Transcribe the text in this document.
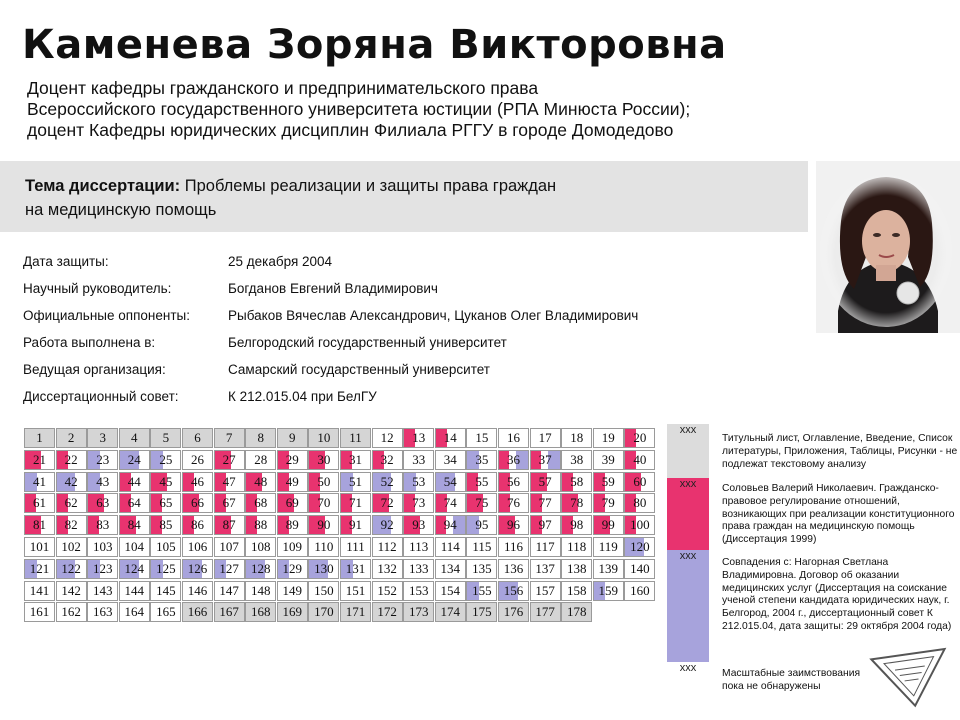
Каменева Зоряна Викторовна
Доцент кафедры гражданского и предпринимательского права
Всероссийского государственного университета юстиции (РПА Минюста России);
доцент Кафедры юридических дисциплин Филиала РГГУ в городе Домодедово
Тема диссертации: Проблемы реализации и защиты права граждан
на медицинскую помощь
Дата защиты:	25 декабря 2004
Научный руководитель:	Богданов Евгений Владимирович
Официальные оппоненты:	Рыбаков Вячеслав Александрович, Цуканов Олег Владимирович
Работа выполнена в:	Белгородский государственный университет
Ведущая организация:	Самарский государственный университет
Диссертационный совет:	К 212.015.04 при БелГУ
1	2	3	4	5	6	7	8	9	10	11	12	13	14	15	16	17	18	19	20
21	22	23	24	25	26	27	28	29	30	31	32	33	34	35	36	37	38	39	40
41	42	43	44	45	46	47	48	49	50	51	52	53	54	55	56	57	58	59	60
61	62	63	64	65	66	67	68	69	70	71	72	73	74	75	76	77	78	79	80
81	82	83	84	85	86	87	88	89	90	91	92	93	94	95	96	97	98	99	100
101 102 103 104 105 106 107 108 109 110 111 112 113 114 115 116 117 118 119 120
121 122 123 124 125 126 127 128 129 130 131 132 133 134 135 136 137 138 139 140
141 142 143 144 145 146 147 148 149 150 151 152 153 154 155 156 157 158 159 160
161 162 163 164 165 166 167 168 169 170 171 172 173 174 175 176 177 178
xxx
xxx
xxx
xxx
Титульный лист, Оглавление, Введение, Список литературы, Приложения, Таблицы, Рисунки - не подлежат текстовому анализу
Соловьев Валерий Николаевич. Гражданско-правовое регулирование отношений, возникающих при реализации конституционного права граждан на медицинскую помощь (Диссертация 1999)
Совпадения с: Нагорная Светлана Владимировна. Договор об оказании медицинских услуг (Диссертация на соискание ученой степени кандидата юридических наук, г. Белгород, 2004 г., диссертационный совет К 212.015.04, дата защиты: 29 октября 2004 года)
Масштабные заимствования пока не обнаружены
